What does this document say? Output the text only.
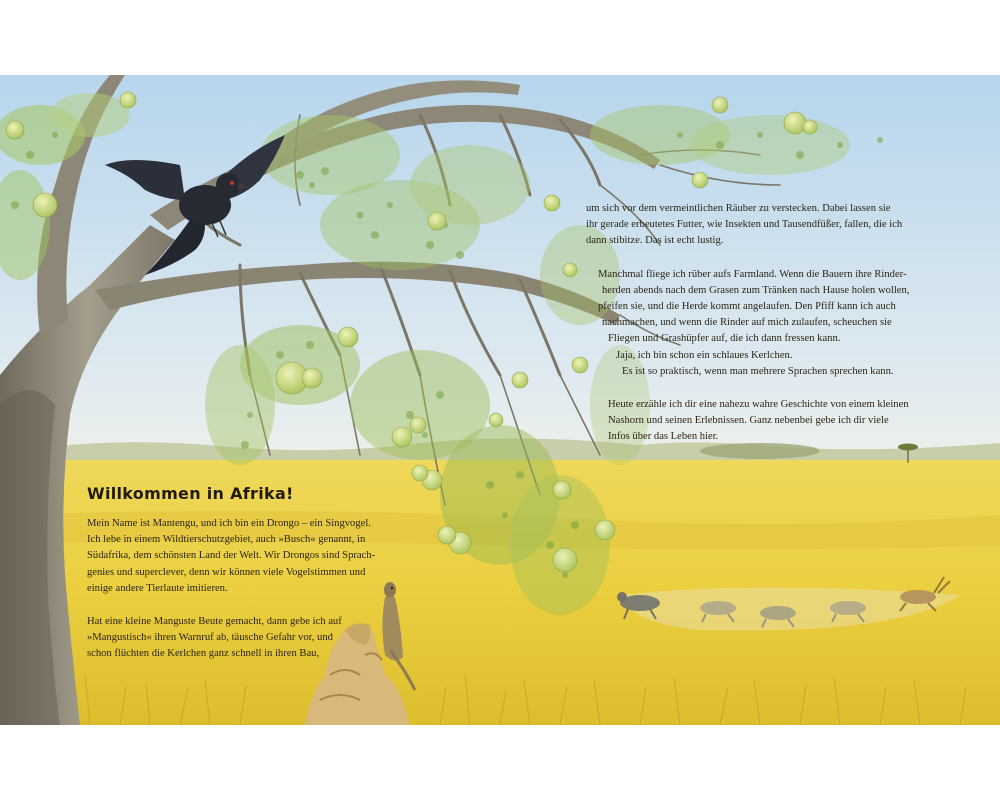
um sich vor dem vermeintlichen Räuber zu verstecken. Dabei lassen sie
ihr gerade erbeutetes Futter, wie Insekten und Tausendfüßer, fallen, die ich
dann stibitze. Das ist echt lustig.

Manchmal fliege ich rüber aufs Farmland. Wenn die Bauern ihre Rinder-
herden abends nach dem Grasen zum Tränken nach Hause holen wollen,
pfeifen sie, und die Herde kommt angelaufen. Den Pfiff kann ich auch
nachmachen, und wenn die Rinder auf mich zulaufen, scheuchen sie
Fliegen und Grashüpfer auf, die ich dann fressen kann.
Jaja, ich bin schon ein schlaues Kerlchen.
Es ist so praktisch, wenn man mehrere Sprachen sprechen kann.

Heute erzähle ich dir eine nahezu wahre Geschichte von einem kleinen
Nashorn und seinen Erlebnissen. Ganz nebenbei gebe ich dir viele
Infos über das Leben hier.

Willkommen in Afrika!

Mein Name ist Mantengu, und ich bin ein Drongo – ein Singvogel.
Ich lebe in einem Wildtierschutzgebiet, auch »Busch« genannt, in
Südafrika, dem schönsten Land der Welt. Wir Drongos sind Sprach-
genies und superclever, denn wir können viele Vogelstimmen und
einige andere Tierlaute imitieren.

Hat eine kleine Manguste Beute gemacht, dann gebe ich auf
»Mangustisch« ihren Warnruf ab, täusche Gefahr vor, und
schon flüchten die Kerlchen ganz schnell in ihren Bau,
